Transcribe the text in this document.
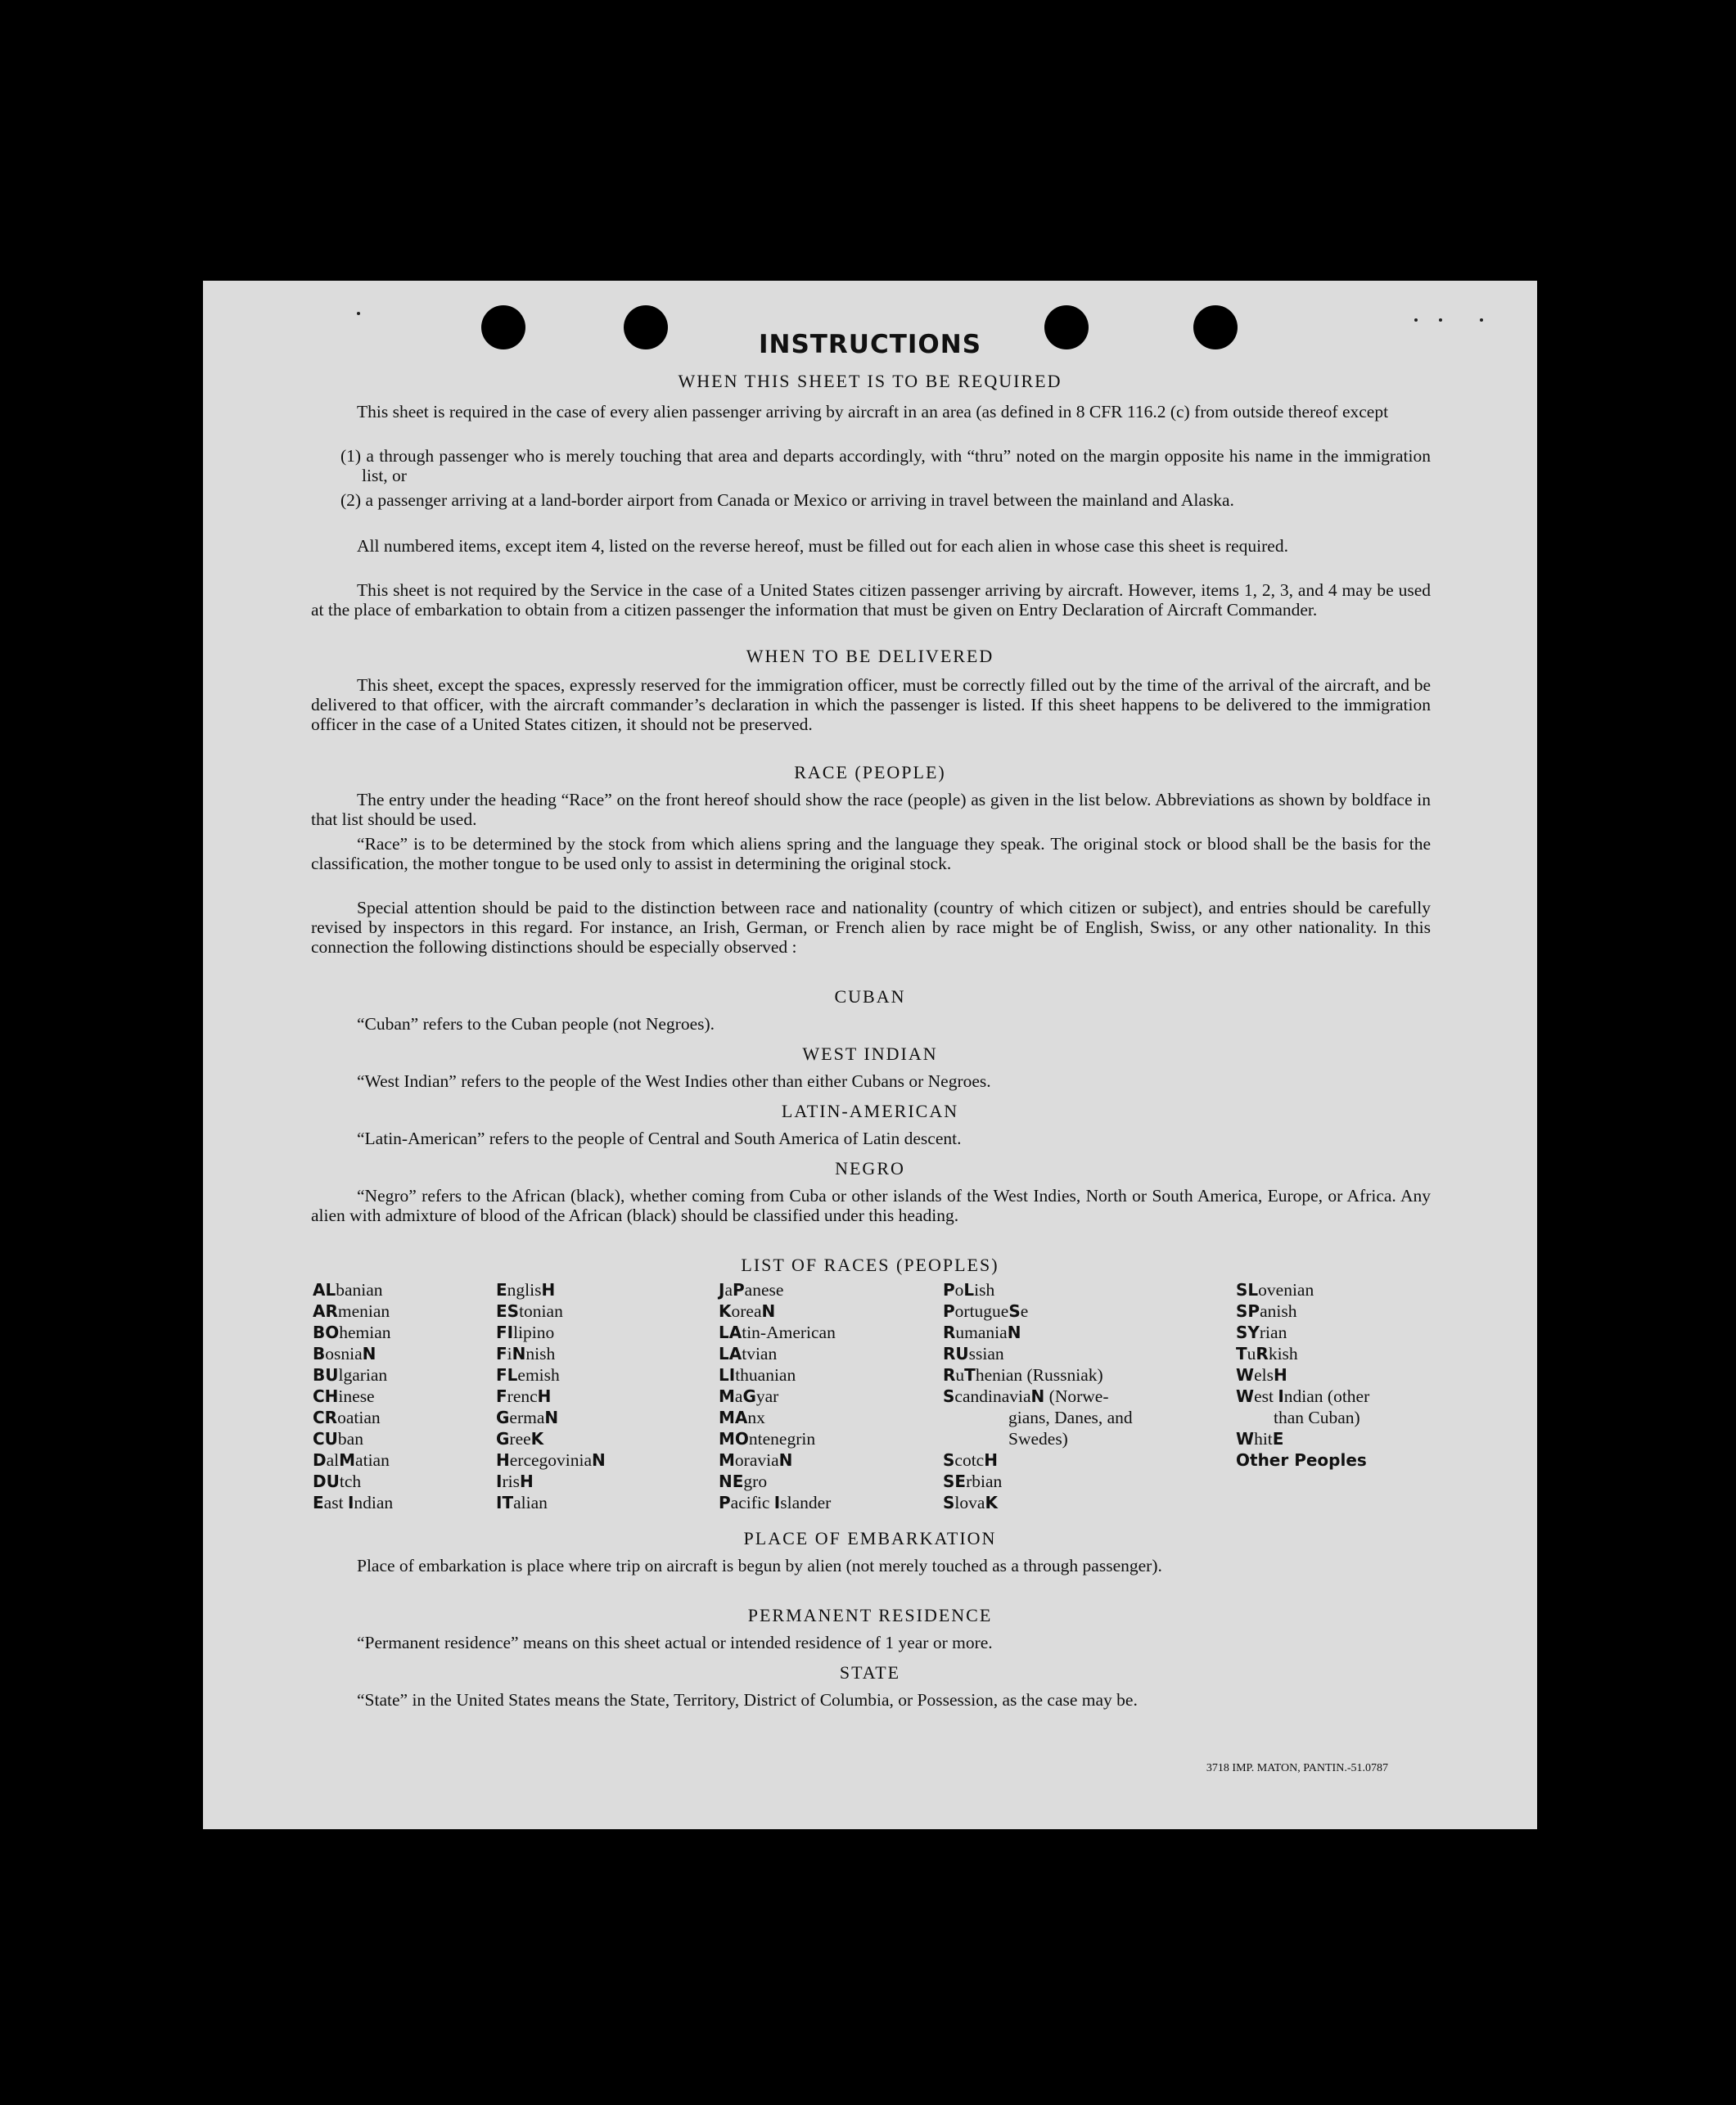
INSTRUCTIONS
WHEN THIS SHEET IS TO BE REQUIRED

This sheet is required in the case of every alien passenger arriving by aircraft in an area (as defined in 8 CFR 116.2 (c) from outside thereof except

(1) a through passenger who is merely touching that area and departs accordingly, with “thru” noted on the margin opposite his name in the immigration list, or

(2) a passenger arriving at a land-border airport from Canada or Mexico or arriving in travel between the mainland and Alaska.

All numbered items, except item 4, listed on the reverse hereof, must be filled out for each alien in whose case this sheet is required.

This sheet is not required by the Service in the case of a United States citizen passenger arriving by aircraft. However, items 1, 2, 3, and 4 may be used at the place of embarkation to obtain from a citizen passenger the information that must be given on Entry Declaration of Aircraft Commander.

WHEN TO BE DELIVERED

This sheet, except the spaces, expressly reserved for the immigration officer, must be correctly filled out by the time of the arrival of the aircraft, and be delivered to that officer, with the aircraft commander’s declaration in which the passenger is listed. If this sheet happens to be delivered to the immigration officer in the case of a United States citizen, it should not be preserved.

RACE (PEOPLE)

The entry under the heading “Race” on the front hereof should show the race (people) as given in the list below. Abbreviations as shown by boldface in that list should be used.

“Race” is to be determined by the stock from which aliens spring and the language they speak. The original stock or blood shall be the basis for the classification, the mother tongue to be used only to assist in determining the original stock.

Special attention should be paid to the distinction between race and nationality (country of which citizen or subject), and entries should be carefully revised by inspectors in this regard. For instance, an Irish, German, or French alien by race might be of English, Swiss, or any other nationality. In this connection the following distinctions should be especially observed :

CUBAN

“Cuban” refers to the Cuban people (not Negroes).

WEST INDIAN

“West Indian” refers to the people of the West Indies other than either Cubans or Negroes.

LATIN-AMERICAN

“Latin-American” refers to the people of Central and South America of Latin descent.

NEGRO

“Negro” refers to the African (black), whether coming from Cuba or other islands of the West Indies, North or South America, Europe, or Africa. Any alien with admixture of blood of the African (black) should be classified under this heading.

LIST OF RACES (PEOPLES)
ALbanian
ARmenian
BOhemian
BosniaN
BUlgarian
CHinese
CRoatian
CUban
DalMatian
DUtch
East Indian
EnglisH
EStonian
FIlipino
FiNnish
FLemish
FrencH
GermaN
GreeK
HercegoviniaN
IrisH
ITalian
JaPanese
KoreaN
LAtin-American
LAtvian
LIthuanian
MaGyar
MAnx
MOntenegrin
MoraviaN
NEgro
Pacific Islander
PoLish
PortugueSe
RumaniaN
RUssian
RuThenian (Russniak)
ScandinaviaN (Norwe-
gians, Danes, and
Swedes)
ScotcH
SErbian
SlovaK
SLovenian
SPanish
SYrian
TuRkish
WelsH
West Indian (other
than Cuban)
WhitE
Other Peoples
PLACE OF EMBARKATION

Place of embarkation is place where trip on aircraft is begun by alien (not merely touched as a through passenger).

PERMANENT RESIDENCE

“Permanent residence” means on this sheet actual or intended residence of 1 year or more.

STATE

“State” in the United States means the State, Territory, District of Columbia, or Possession, as the case may be.

3718 IMP. MATON, PANTIN.-51.0787
